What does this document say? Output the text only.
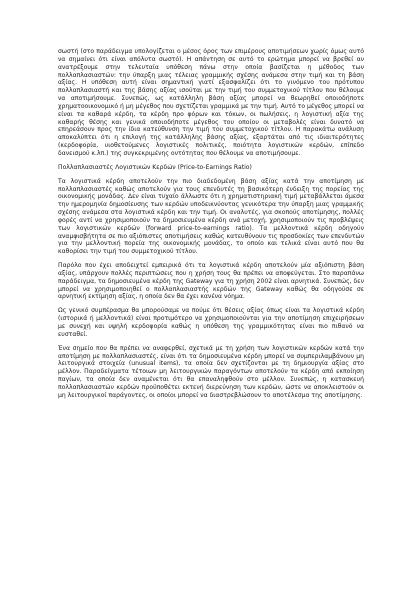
σωστή (στο παράδειγμα υπολογίζεται ο μέσος όρος των επιμέρους αποτιμήσεων χωρίς όμως αυτό να σημαίνει ότι είναι απόλυτα σωστό). Η απάντηση σε αυτό το ερώτημα μπορεί να βρεθεί αν ανατρέξουμε στην τελευταία υπόθεση πάνω στην οποία βασίζεται η μέθοδος των πολλαπλασιαστών: την ύπαρξη μιας τέλειας γραμμικής σχέσης ανάμεσα στην τιμή και τη βάση αξίας. Η υπόθεση αυτή είναι σημαντική γιατί εξασφαλίζει ότι το γινόμενο του πρότυπου πολλαπλασιαστή και της βάσης αξίας ισούται με την τιμή του συμμετοχικού τίτλου που θέλουμε να αποτιμήσουμε. Συνεπώς, ως κατάλληλη βάση αξίας μπορεί να θεωρηθεί οποιοδήποτε χρηματοοικονομικό ή μη μέγεθος που σχετίζεται γραμμικά με την τιμή. Αυτό το μέγεθος μπορεί να είναι τα καθαρά κέρδη, τα κέρδη προ φόρων και τόκων, οι πωλήσεις, η λογιστική αξία της καθαρής θέσης και γενικά οποιοδήποτε μέγεθος του οποίου οι μεταβολές είναι δυνατό να επηρεάσουν προς την ίδια κατεύθυνση την τιμή του συμμετοχικού τίτλου. Η παρακάτω ανάλυση αποκαλύπτει ότι η επιλογή της κατάλληλης βάσης αξίας, εξαρτάται από τις ιδιαιτερότητες (κερδοφορία, υιοθετούμενες λογιστικές πολιτικές, ποιότητα λογιστικών κερδών, επίπεδο δανεισμού κ.λπ.) της συγκεκριμένης οντότητας που θέλουμε να αποτιμήσουμε.

Πολλαπλασιαστές Λογιστικών Κερδών (Price-to-Earnings Ratio)

Τα λογιστικά κέρδη αποτελούν την πιο διαδεδομένη βάση αξίας κατά την αποτίμηση με πολλαπλασιαστές καθώς αποτελούν για τους επενδυτές τη βασικότερη ένδειξη της πορείας της οικονομικής μονάδας. Δεν είναι τυχαίο άλλωστε ότι η χρηματιστηριακή τιμή μεταβάλλεται άμεσα την ημερομηνία δημοσίευσης των κερδών υποδεικνύοντας γενικότερα την ύπαρξη μιας γραμμικής σχέσης ανάμεσα στα λογιστικά κέρδη και την τιμή. Οι αναλυτές, για σκοπούς αποτίμησης, πολλές φορές αντί να χρησιμοποιούν τα δημοσιευμένα κέρδη ανά μετοχή, χρησιμοποιούν τις προβλέψεις των λογιστικών κερδών (forward price-to-earnings ratio). Τα μελλοντικά κέρδη οδηγούν αναμφισβήτητα σε πιο αξιόπιστες αποτιμήσεις καθώς κατευθύνουν τις προσδοκίες των επενδυτών για την μελλοντική πορεία της οικονομικής μονάδας, το οποίο και τελικά είναι αυτό που θα καθορίσει την τιμή του συμμετοχικού τίτλου.

Παρόλο που έχει αποδειχτεί εμπειρικά ότι τα λογιστικά κέρδη αποτελούν μία αξιόπιστη βάση αξίας, υπάρχουν πολλές περιπτώσεις που η χρήση τους θα πρέπει να αποφεύγεται. Στο παραπάνω παράδειγμα, τα δημοσιευμένα κέρδη της Gateway για τη χρήση 2002 είναι αρνητικά. Συνεπώς, δεν μπορεί να χρησιμοποιηθεί ο πολλαπλασιαστής κερδών της Gateway καθώς θα οδηγούσε σε αρνητική εκτίμηση αξίας, η οποία δεν θα έχει κανένα νόημα.

Ως γενικό συμπέρασμα θα μπορούσαμε να πούμε ότι θέσεις αξίας όπως είναι τα λογιστικά κέρδη (ιστορικά ή μελλοντικά) είναι προτιμότερο να χρησιμοποιούνται για την αποτίμηση επιχειρήσεων με συνεχή και υψηλή κερδοφορία καθώς η υπόθεση της γραμμικότητας είναι πιο πιθανό να ευσταθεί.

Ένα σημείο που θα πρέπει να αναφερθεί, σχετικά με τη χρήση των λογιστικών κερδών κατά την αποτίμηση με πολλαπλασιαστές, είναι ότι τα δημοσιευμένα κέρδη μπορεί να συμπεριλαμβάνουν μη λειτουργικά στοιχεία (unusual items), τα οποία δεν σχετίζονται με τη δημιουργία αξίας στο μέλλον. Παραδείγματα τέτοιων μη λειτουργικών παραγόντων αποτελούν τα κέρδη από εκποίηση παγίων, τα οποία δεν αναμένεται ότι θα επαναληφθούν στο μέλλον. Συνεπώς, η κατασκευή πολλαπλασιαστών κερδών προϋποθέτει εκτενή διερεύνηση των κερδών, ώστε να αποκλειστούν οι μη λειτουργικοί παράγοντες, οι οποίοι μπορεί να διαστρεβλώσουν το αποτέλεσμα της αποτίμησης.
